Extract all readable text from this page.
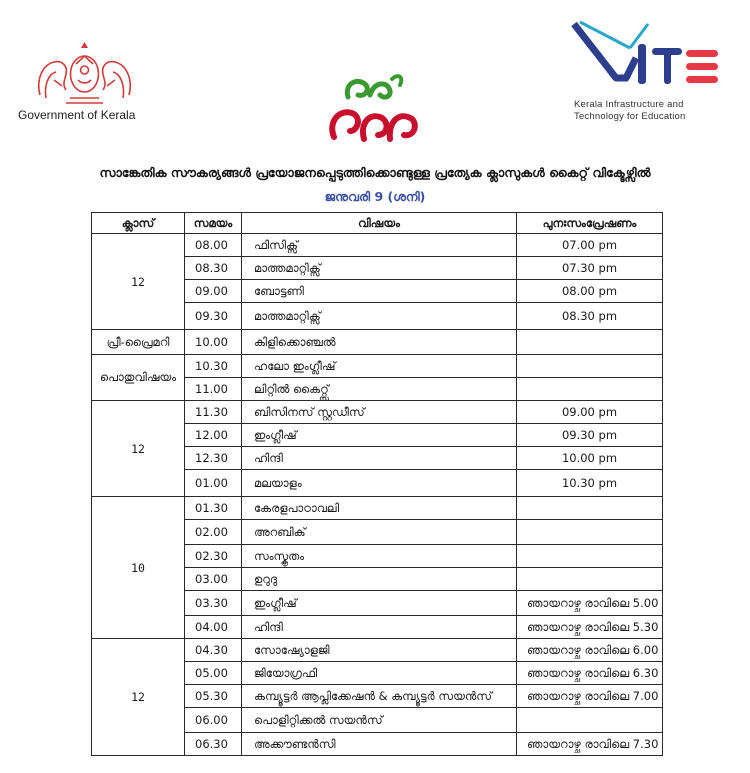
Government of Kerala
Kerala Infrastructure and
Technology for Education
സാങ്കേതിക സൗകര്യങ്ങൾ പ്രയോജനപ്പെടുത്തിക്കൊണ്ടുള്ള പ്രത്യേക ക്ലാസുകൾ കൈറ്റ് വിക്ടേഴ്സിൽ
ജനുവരി 9 (ശനി)
ക്ലാസ്	സമയം	വിഷയം	പുനഃസംപ്രേഷണം
12	08.00	ഫിസിക്സ്	07.00 pm
	08.30	മാത്തമാറ്റിക്സ്	07.30 pm
	09.00	ബോട്ടണി	08.00 pm
	09.30	മാത്തമാറ്റിക്സ്	08.30 pm
പ്രീ-പ്രൈമറി	10.00	കിളിക്കൊഞ്ചൽ	
പൊതുവിഷയം	10.30	ഹലോ ഇംഗ്ലീഷ്	
	11.00	ലിറ്റിൽ കൈറ്റ്സ്	
12	11.30	ബിസിനസ് സ്റ്റഡീസ്	09.00 pm
	12.00	ഇംഗ്ലീഷ്	09.30 pm
	12.30	ഹിന്ദി	10.00 pm
	01.00	മലയാളം	10.30 pm
10	01.30	കേരളപാഠാവലി	
	02.00	അറബിക്	
	02.30	സംസ്കൃതം	
	03.00	ഉറുദു	
	03.30	ഇംഗ്ലീഷ്	ഞായറാഴ്ച രാവിലെ 5.00
	04.00	ഹിന്ദി	ഞായറാഴ്ച രാവിലെ 5.30
12	04.30	സോഷ്യോളജി	ഞായറാഴ്ച രാവിലെ 6.00
	05.00	ജിയോഗ്രഫി	ഞായറാഴ്ച രാവിലെ 6.30
	05.30	കമ്പ്യൂട്ടർ ആപ്ലിക്കേഷൻ & കമ്പ്യൂട്ടർ സയൻസ്	ഞായറാഴ്ച രാവിലെ 7.00
	06.00	പൊളിറ്റിക്കൽ സയൻസ്	
	06.30	അക്കൗണ്ടൻസി	ഞായറാഴ്ച രാവിലെ 7.30
